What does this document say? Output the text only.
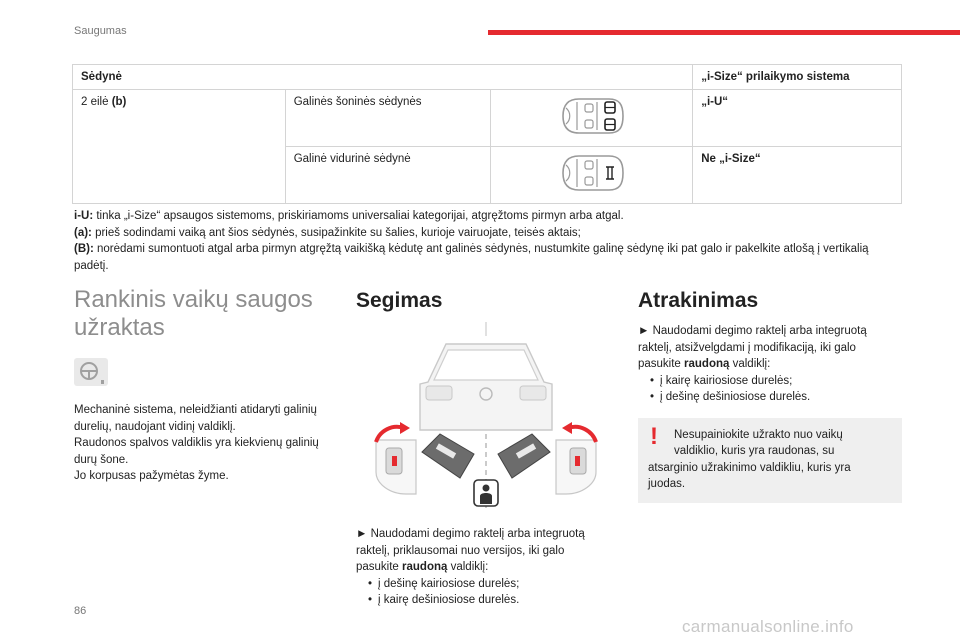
Saugumas
Sėdynė			„i-Size“ prilaikymo sistema
2 eilė (b)	Galinės šoninės sėdynės		„i-U“
	Galinė vidurinė sėdynė		Ne „i-Size“
i-U: tinka „i-Size“ apsaugos sistemoms, priskiriamoms universaliai kategorijai, atgręžtoms pirmyn arba atgal.
(a): prieš sodindami vaiką ant šios sėdynės, susipažinkite su šalies, kurioje vairuojate, teisės aktais;
(B): norėdami sumontuoti atgal arba pirmyn atgręžtą vaikišką kėdutę ant galinės sėdynės, nustumkite galinę sėdynę iki pat galo ir pakelkite atlošą į vertikalią padėtį.
Rankinis vaikų saugos
užraktas
Mechaninė sistema, neleidžianti atidaryti galinių
durelių, naudojant vidinį valdiklį.
Raudonos spalvos valdiklis yra kiekvienų galinių
durų šone.
Jo korpusas pažymėtas žyme.
Segimas
► Naudodami degimo raktelį arba integruotą
raktelį, priklausomai nuo versijos, iki galo
pasukite raudoną valdiklį:
• į dešinę kairiosiose durelės;
• į kairę dešiniosiose durelės.
Atrakinimas
► Naudodami degimo raktelį arba integruotą
raktelį, atsižvelgdami į modifikaciją, iki galo
pasukite raudoną valdiklį:
• į kairę kairiosiose durelės;
• į dešinę dešiniosiose durelės.
!	Nesupainiokite užrakto nuo vaikų
valdiklio, kuris yra raudonas, su
atsarginio užrakinimo valdikliu, kuris yra
juodas.
86
carmanualsonline.info
